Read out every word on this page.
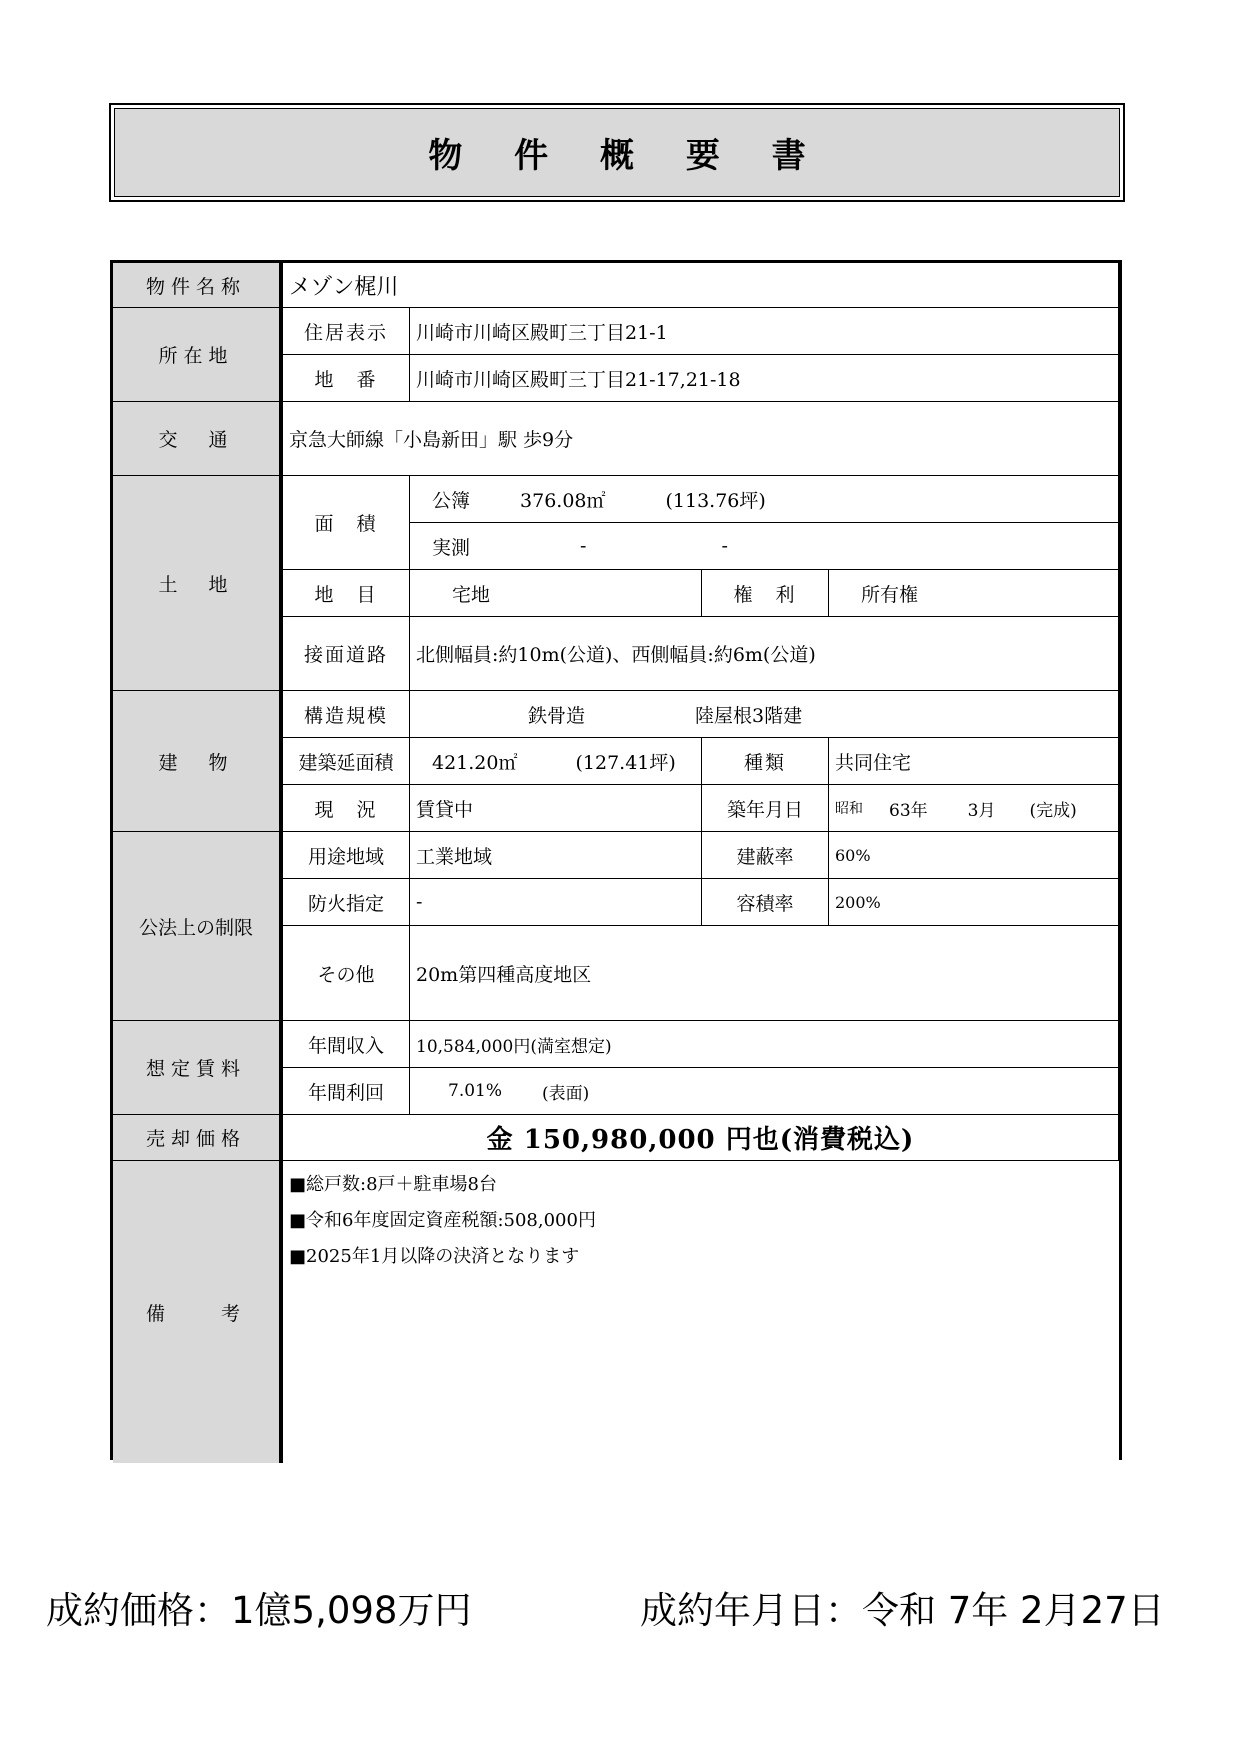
物 件 概 要 書
物件名称	メゾン梶川
所在地
住居表示	川崎市川崎区殿町三丁目21-1
地　番	川崎市川崎区殿町三丁目21-17,21-18
交　通	京急大師線「小島新田」駅 歩9分
土　地
面　積
公簿	376.08㎡	(113.76坪)
実測	-	-
地　目	宅地	権　利	所有権
接面道路	北側幅員:約10m(公道)、西側幅員:約6m(公道)
建　物
構造規模	鉄骨造	陸屋根3階建
建築延面積	421.20㎡	(127.41坪)	種類	共同住宅
現　況	賃貸中	築年月日	昭和 63年 3月 (完成)
公法上の制限
用途地域	工業地域	建蔽率	60%
防火指定	-	容積率	200%
その他	20m第四種高度地区
想定賃料
年間収入	10,584,000円(満室想定)
年間利回	7.01% (表面)
売却価格	金 150,980,000 円也(消費税込)
備　　考
■総戸数:8戸＋駐車場8台
■令和6年度固定資産税額:508,000円
■2025年1月以降の決済となります
成約価格：1億5,098万円	成約年月日：令和 7年 2月27日
